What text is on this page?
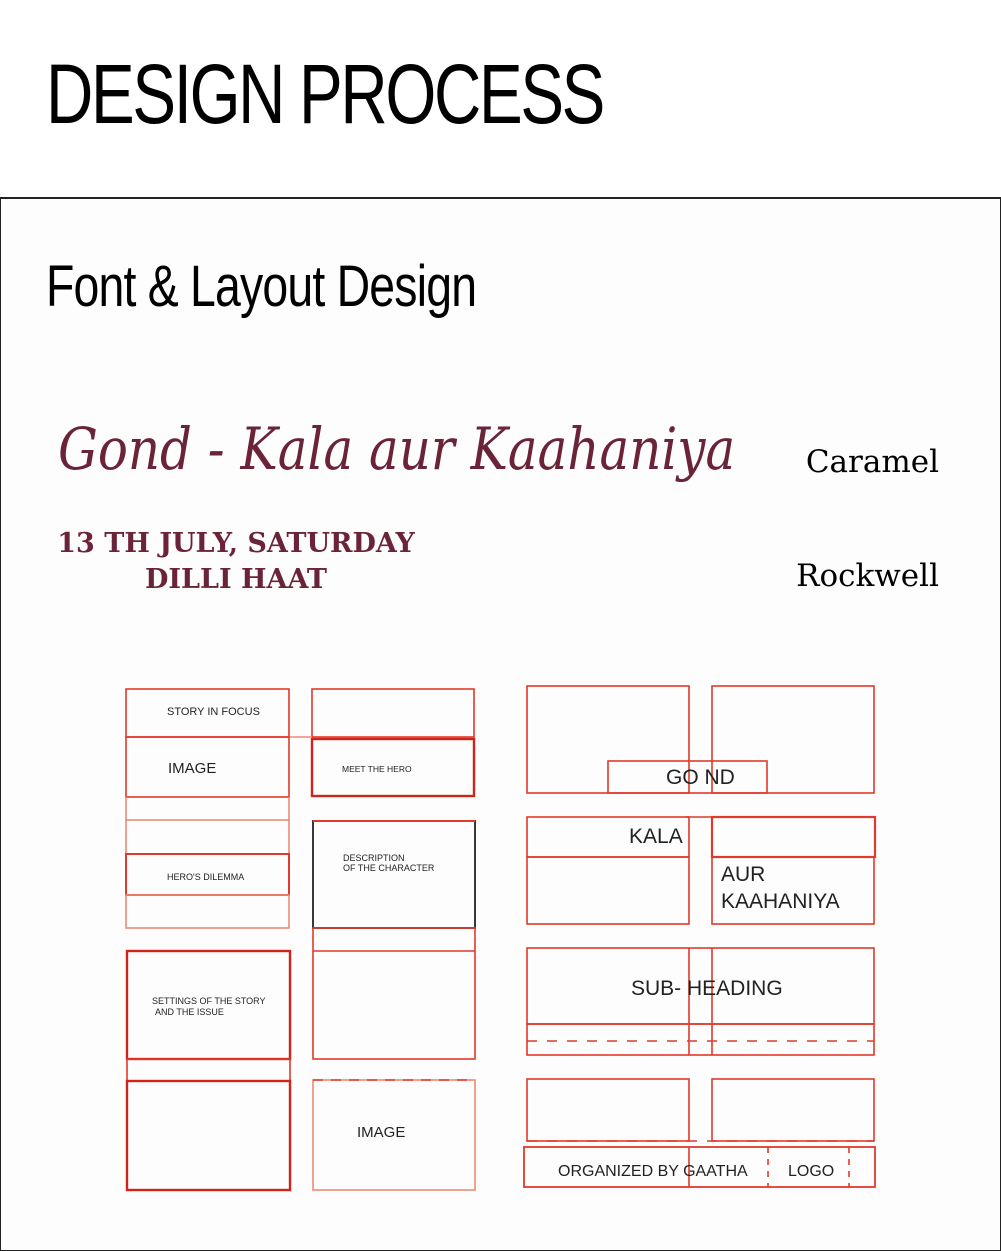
DESIGN PROCESS
Font & Layout Design
Gond - Kala aur Kaahaniya
13 TH JULY, SATURDAY
DILLI HAAT
Caramel
Rockwell
STORY IN FOCUS
IMAGE	MEET THE HERO
DESCRIPTION
OF THE CHARACTER
HERO'S DILEMMA
SETTINGS OF THE STORY
AND THE ISSUE
IMAGE
GO ND
KALA
AUR
KAAHANIYA
SUB- HEADING
ORGANIZED BY GAATHA	LOGO
